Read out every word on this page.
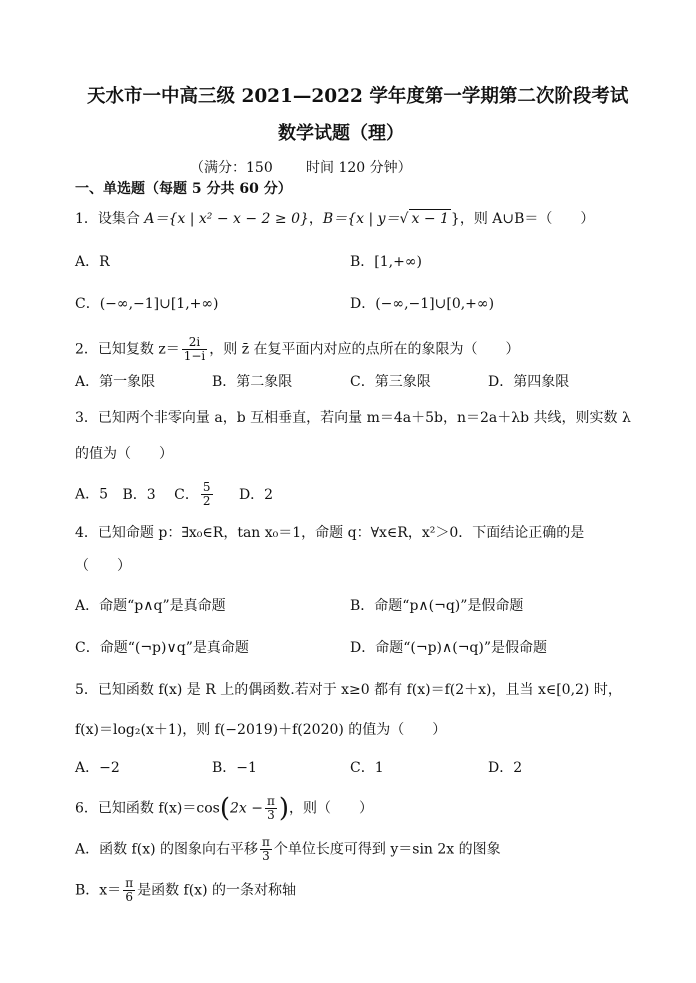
天水市一中高三级 2021—2022 学年度第一学期第二次阶段考试
数学试题（理）
（满分：150 时间 120 分钟）
一、单选题（每题 5 分共 60 分）
1．设集合 A＝{x | x² − x − 2 ≥ 0}，B＝{x | y＝√ x − 1 }，则 A∪B＝（　　）
A．R	B．[1,+∞)
C．(−∞,−1]∪[1,+∞)	D．(−∞,−1]∪[0,+∞)
2．已知复数 $z= \frac{2i}{1-i}$ ，则 z̄ 在复平面内对应的点所在的象限为（　　）
A．第一象限	B．第二象限	C．第三象限	D．第四象限
3．已知两个非零向量 a，b 互相垂直，若向量 m＝4a＋5b，n＝2a＋λb 共线，则实数 λ
的值为（　　）
A．5 B．3 C． $\frac{5}{2}$ D．2
4．已知命题 p：∃x₀∈R，tan x₀＝1，命题 q：∀x∈R，x²＞0．下面结论正确的是
（　　）
A．命题“p∧q”是真命题	B．命题“p∧(¬q)”是假命题
C．命题“(¬p)∨q”是真命题	D．命题“(¬p)∧(¬q)”是假命题
5．已知函数 f(x) 是 R 上的偶函数.若对于 x≥0 都有 f(x)＝f(2＋x)，且当 x∈[0,2) 时，
f(x)＝log₂(x＋1)，则 f(−2019)＋f(2020) 的值为（　　）
A．−2	B．−1	C．1	D．2
6．已知函数 $f(x)=\cos(2x - \frac{\pi}{3}$ )，则（　　）
A．函数 f(x) 的图象向右平移 $\frac{\pi}{3}$ 个单位长度可得到 y＝sin 2x 的图象
B．$x= \frac{\pi}{6}$ 是函数 f(x) 的一条对称轴
